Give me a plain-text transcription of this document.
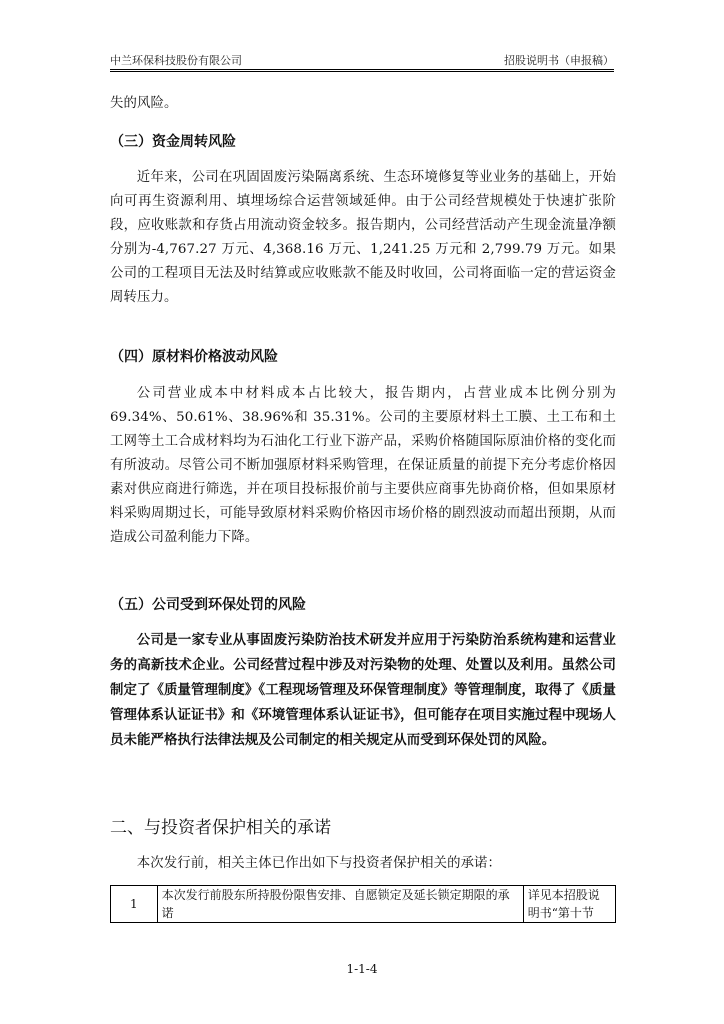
中兰环保科技股份有限公司	招股说明书（申报稿）
失的风险。
（三）资金周转风险
近年来，公司在巩固固废污染隔离系统、生态环境修复等业业务的基础上，开始向可再生资源利用、填埋场综合运营领域延伸。由于公司经营规模处于快速扩张阶段，应收账款和存货占用流动资金较多。报告期内，公司经营活动产生现金流量净额分别为-4,767.27 万元、4,368.16 万元、1,241.25 万元和 2,799.79 万元。如果公司的工程项目无法及时结算或应收账款不能及时收回，公司将面临一定的营运资金周转压力。
（四）原材料价格波动风险
公司营业成本中材料成本占比较大，报告期内，占营业成本比例分别为 69.34%、50.61%、38.96%和 35.31%。公司的主要原材料土工膜、土工布和土工网等土工合成材料均为石油化工行业下游产品，采购价格随国际原油价格的变化而有所波动。尽管公司不断加强原材料采购管理，在保证质量的前提下充分考虑价格因素对供应商进行筛选，并在项目投标报价前与主要供应商事先协商价格，但如果原材料采购周期过长，可能导致原材料采购价格因市场价格的剧烈波动而超出预期，从而造成公司盈利能力下降。
（五）公司受到环保处罚的风险
公司是一家专业从事固废污染防治技术研发并应用于污染防治系统构建和运营业务的高新技术企业。公司经营过程中涉及对污染物的处理、处置以及利用。虽然公司制定了《质量管理制度》《工程现场管理及环保管理制度》等管理制度，取得了《质量管理体系认证证书》和《环境管理体系认证证书》，但可能存在项目实施过程中现场人员未能严格执行法律法规及公司制定的相关规定从而受到环保处罚的风险。
二、与投资者保护相关的承诺
本次发行前，相关主体已作出如下与投资者保护相关的承诺：
1	本次发行前股东所持股份限售安排、自愿锁定及延长锁定期限的承诺	详见本招股说明书“第十节
1-1-4
